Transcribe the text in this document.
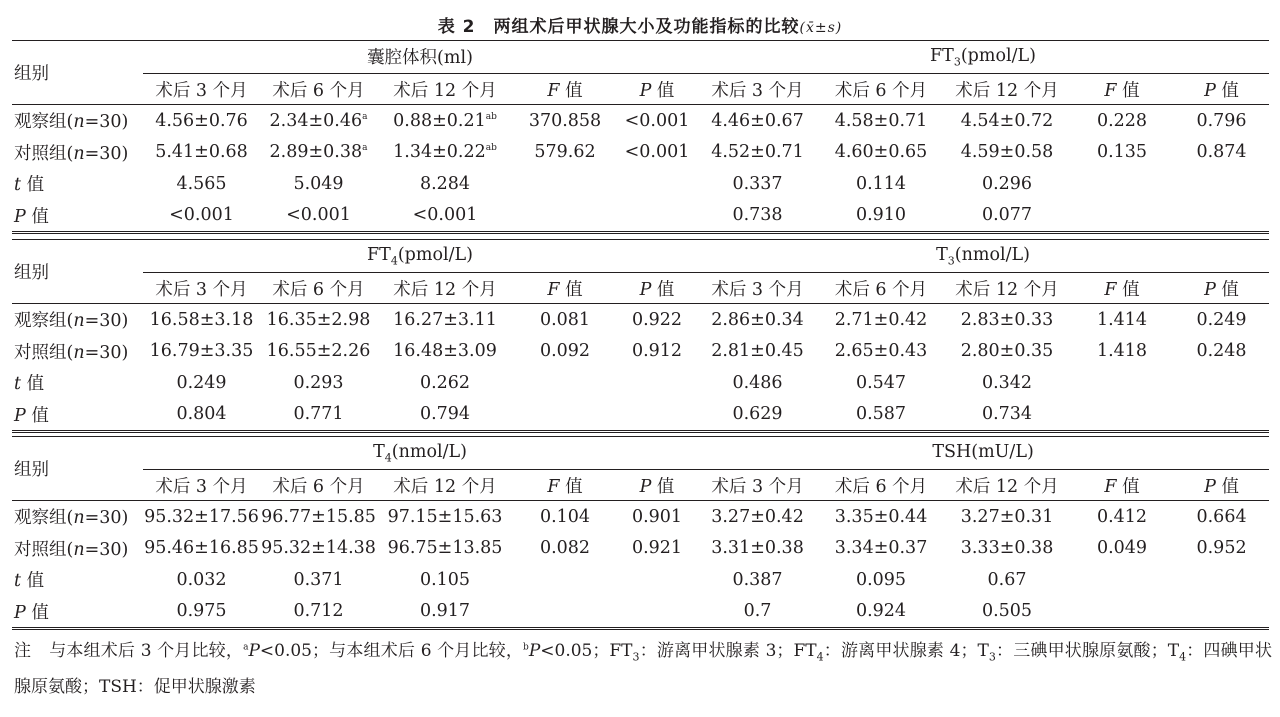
表 2　两组术后甲状腺大小及功能指标的比较(x̄±s)
组别	囊腔体积(ml)					$FT_3(pmol/L)$				
	术后 3 个月	术后 6 个月	术后 12 个月	F 值	P 值	术后 3 个月	术后 6 个月	术后 12 个月	F 值	P 值
观察组(n=30)	4.56±0.76	2.34±0.46$^a$	0.88±0.21$^{ab}$	370.858	<0.001	4.46±0.67	4.58±0.71	4.54±0.72	0.228	0.796
对照组(n=30)	5.41±0.68	2.89±0.38$^a$	1.34±0.22$^{ab}$	579.62	<0.001	4.52±0.71	4.60±0.65	4.59±0.58	0.135	0.874
t 值	4.565	5.049	8.284			0.337	0.114	0.296		
P 值	<0.001	<0.001	<0.001			0.738	0.910	0.077		
组别	$FT_4(pmol/L)$					$T_3(nmol/L)$				
	术后 3 个月	术后 6 个月	术后 12 个月	F 值	P 值	术后 3 个月	术后 6 个月	术后 12 个月	F 值	P 值
观察组(n=30)	16.58±3.18	16.35±2.98	16.27±3.11	0.081	0.922	2.86±0.34	2.71±0.42	2.83±0.33	1.414	0.249
对照组(n=30)	16.79±3.35	16.55±2.26	16.48±3.09	0.092	0.912	2.81±0.45	2.65±0.43	2.80±0.35	1.418	0.248
t 值	0.249	0.293	0.262			0.486	0.547	0.342		
P 值	0.804	0.771	0.794			0.629	0.587	0.734		
组别	$T_4(nmol/L)$					TSH(mU/L)				
	术后 3 个月	术后 6 个月	术后 12 个月	F 值	P 值	术后 3 个月	术后 6 个月	术后 12 个月	F 值	P 值
观察组(n=30)	95.32±17.56	96.77±15.85	97.15±15.63	0.104	0.901	3.27±0.42	3.35±0.44	3.27±0.31	0.412	0.664
对照组(n=30)	95.46±16.85	95.32±14.38	96.75±13.85	0.082	0.921	3.31±0.38	3.34±0.37	3.33±0.38	0.049	0.952
t 值	0.032	0.371	0.105			0.387	0.095	0.67		
P 值	0.975	0.712	0.917			0.7	0.924	0.505		
注 与本组术后 3 个月比较，$^a$P<0.05；与本组术后 6 个月比较，$^b$P<0.05；$FT_3$：游离甲状腺素 3；$FT_4$：游离甲状腺素 4；$T_3$：三碘甲状腺原氨酸；$T_4$：四碘甲状腺原氨酸；TSH：促甲状腺激素
